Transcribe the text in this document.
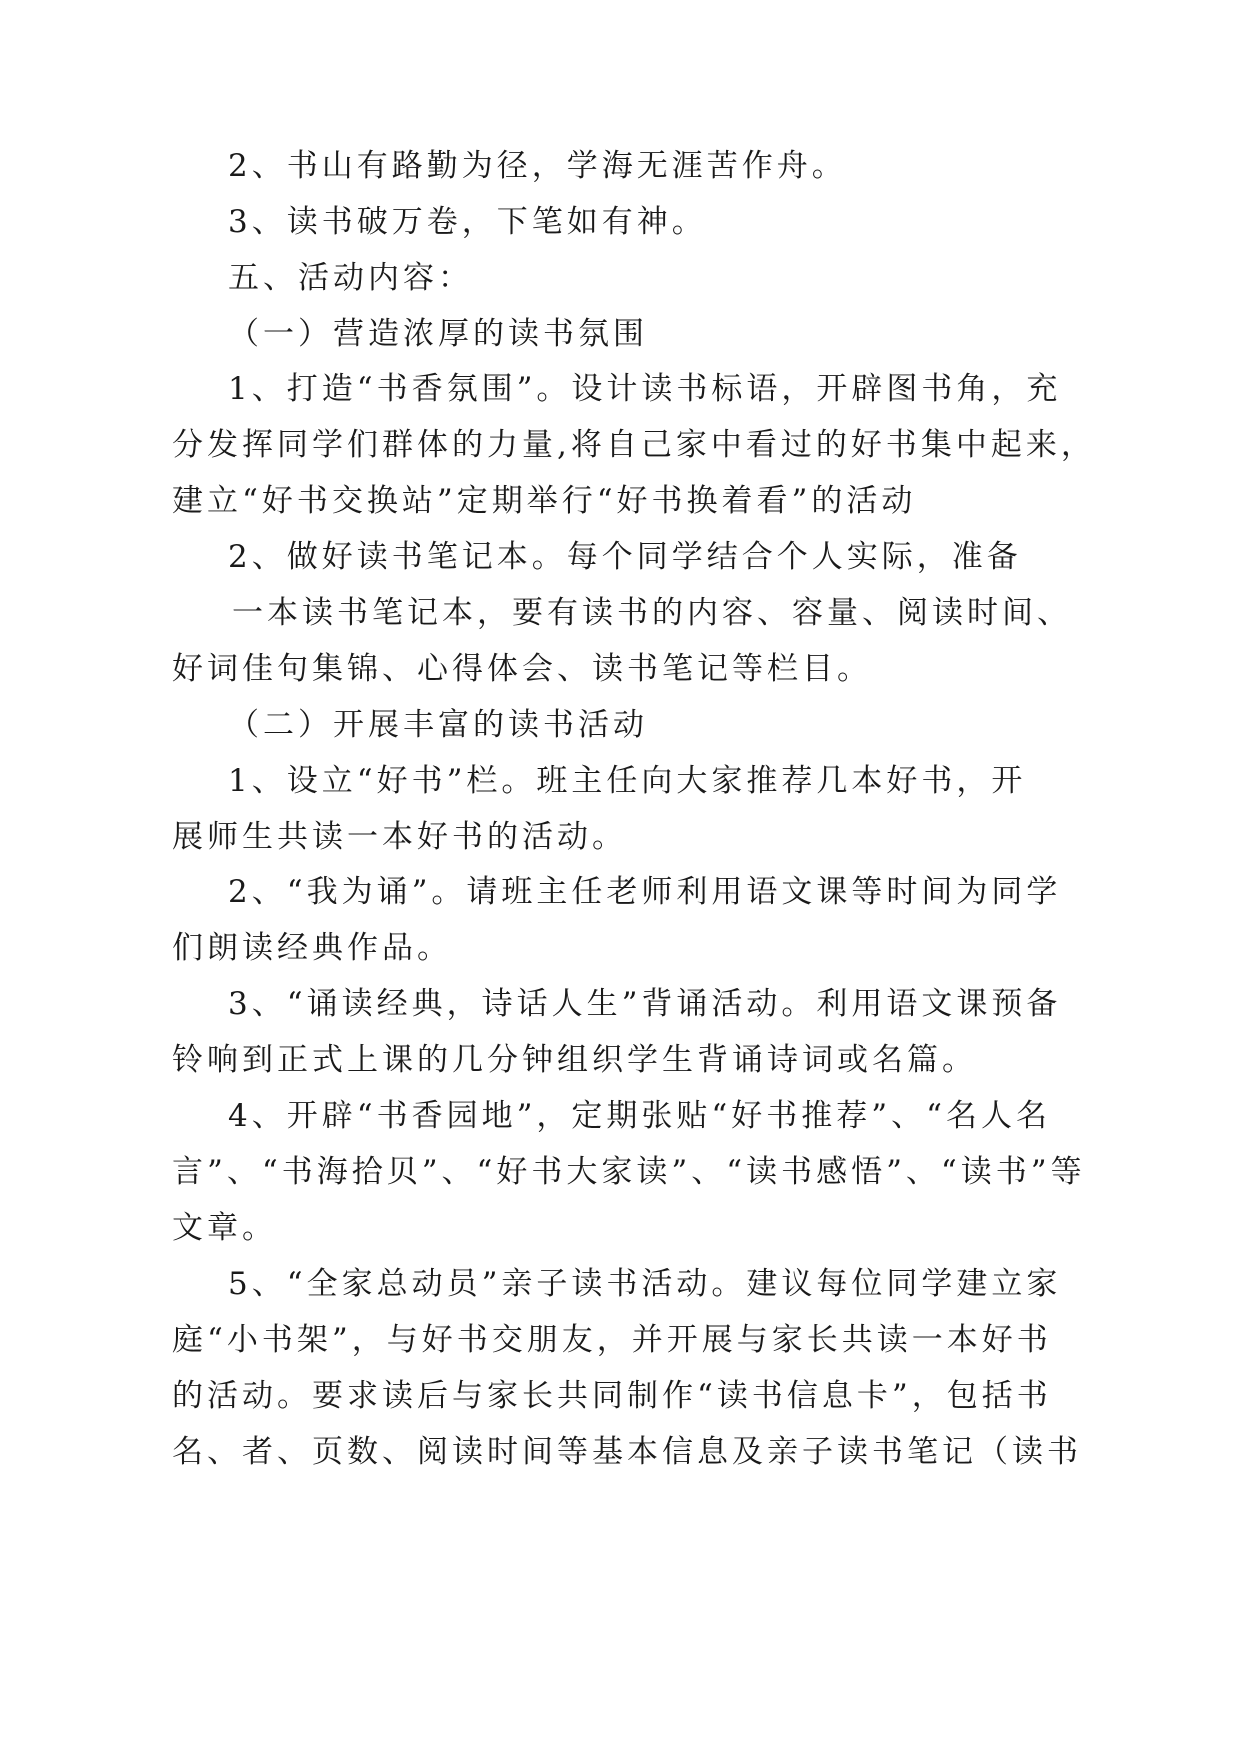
2、书山有路勤为径，学海无涯苦作舟。
3、读书破万卷，下笔如有神。
五、活动内容：
（一）营造浓厚的读书氛围
1、打造“书香氛围”。设计读书标语，开辟图书角，充
分发挥同学们群体的力量,将自己家中看过的好书集中起来，
建立“好书交换站”定期举行“好书换着看”的活动
2、做好读书笔记本。每个同学结合个人实际，准备
一本读书笔记本，要有读书的内容、容量、阅读时间、
好词佳句集锦、心得体会、读书笔记等栏目。
（二）开展丰富的读书活动
1、设立“好书”栏。班主任向大家推荐几本好书，开
展师生共读一本好书的活动。
2、“我为诵”。请班主任老师利用语文课等时间为同学
们朗读经典作品。
3、“诵读经典，诗话人生”背诵活动。利用语文课预备
铃响到正式上课的几分钟组织学生背诵诗词或名篇。
4、开辟“书香园地”，定期张贴“好书推荐”、“名人名
言”、“书海拾贝”、“好书大家读”、“读书感悟”、“读书”等
文章。
5、“全家总动员”亲子读书活动。建议每位同学建立家
庭“小书架”，与好书交朋友，并开展与家长共读一本好书
的活动。要求读后与家长共同制作“读书信息卡”，包括书
名、者、页数、阅读时间等基本信息及亲子读书笔记（读书
